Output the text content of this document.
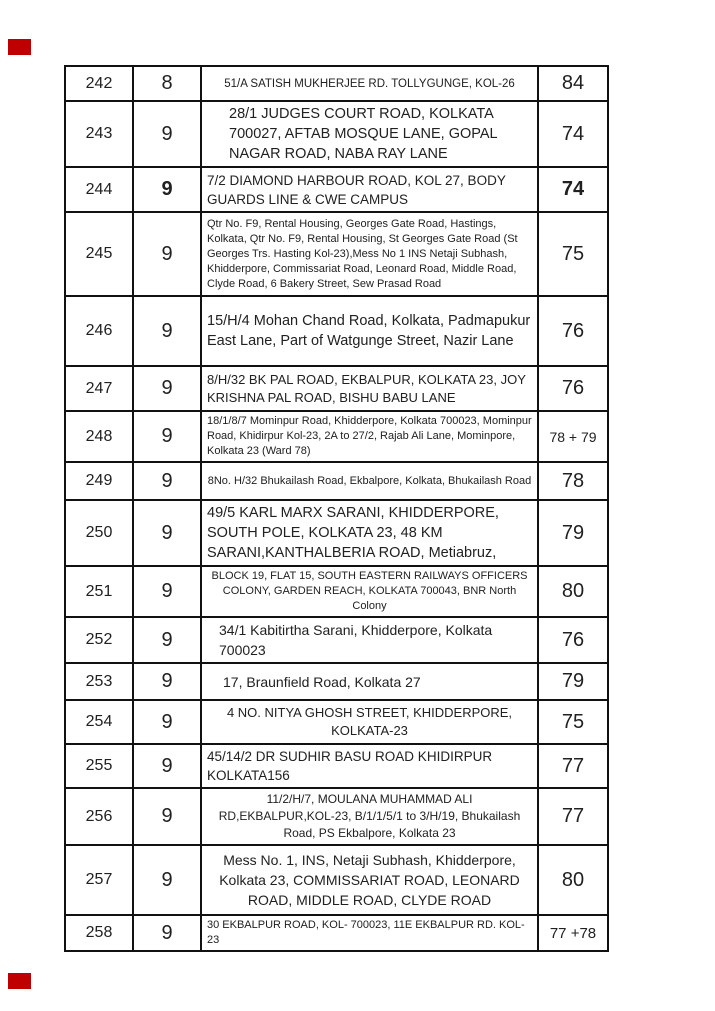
242	8	51/A SATISH MUKHERJEE RD. TOLLYGUNGE, KOL-26	84
243	9	28/1 JUDGES COURT ROAD, KOLKATA 700027, AFTAB MOSQUE LANE, GOPAL NAGAR ROAD, NABA RAY LANE	74
244	9	7/2 DIAMOND HARBOUR ROAD, KOL 27, BODY GUARDS LINE & CWE CAMPUS	74
245	9	Qtr No. F9, Rental Housing, Georges Gate Road, Hastings, Kolkata, Qtr No. F9, Rental Housing, St Georges Gate Road (St Georges Trs. Hasting Kol-23),Mess No 1 INS Netaji Subhash, Khidderpore, Commissariat Road, Leonard Road, Middle Road, Clyde Road, 6 Bakery Street, Sew Prasad Road	75
246	9	15/H/4 Mohan Chand Road, Kolkata, Padmapukur East Lane, Part of Watgunge Street, Nazir Lane	76
247	9	8/H/32 BK PAL ROAD, EKBALPUR, KOLKATA 23, JOY KRISHNA PAL ROAD, BISHU BABU LANE	76
248	9	18/1/8/7 Mominpur Road, Khidderpore, Kolkata 700023, Mominpur Road, Khidirpur Kol-23, 2A to 27/2, Rajab Ali Lane, Mominpore, Kolkata 23 (Ward 78)	78 + 79
249	9	8No. H/32 Bhukailash Road, Ekbalpore, Kolkata, Bhukailash Road	78
250	9	49/5 KARL MARX SARANI, KHIDDERPORE, SOUTH POLE, KOLKATA 23, 48 KM SARANI,KANTHALBERIA ROAD, Metiabruz,	79
251	9	BLOCK 19, FLAT 15, SOUTH EASTERN RAILWAYS OFFICERS COLONY, GARDEN REACH, KOLKATA 700043, BNR North Colony	80
252	9	34/1 Kabitirtha Sarani, Khidderpore, Kolkata 700023	76
253	9	17, Braunfield Road, Kolkata 27	79
254	9	4 NO. NITYA GHOSH STREET, KHIDDERPORE, KOLKATA-23	75
255	9	45/14/2 DR SUDHIR BASU ROAD KHIDIRPUR KOLKATA156	77
256	9	11/2/H/7, MOULANA MUHAMMAD ALI RD,EKBALPUR,KOL-23, B/1/1/5/1 to 3/H/19, Bhukailash Road, PS Ekbalpore, Kolkata 23	77
257	9	Mess No. 1, INS, Netaji Subhash, Khidderpore, Kolkata 23, COMMISSARIAT ROAD, LEONARD ROAD, MIDDLE ROAD, CLYDE ROAD	80
258	9	30 EKBALPUR ROAD, KOL- 700023, 11E EKBALPUR RD. KOL-23	77 +78
